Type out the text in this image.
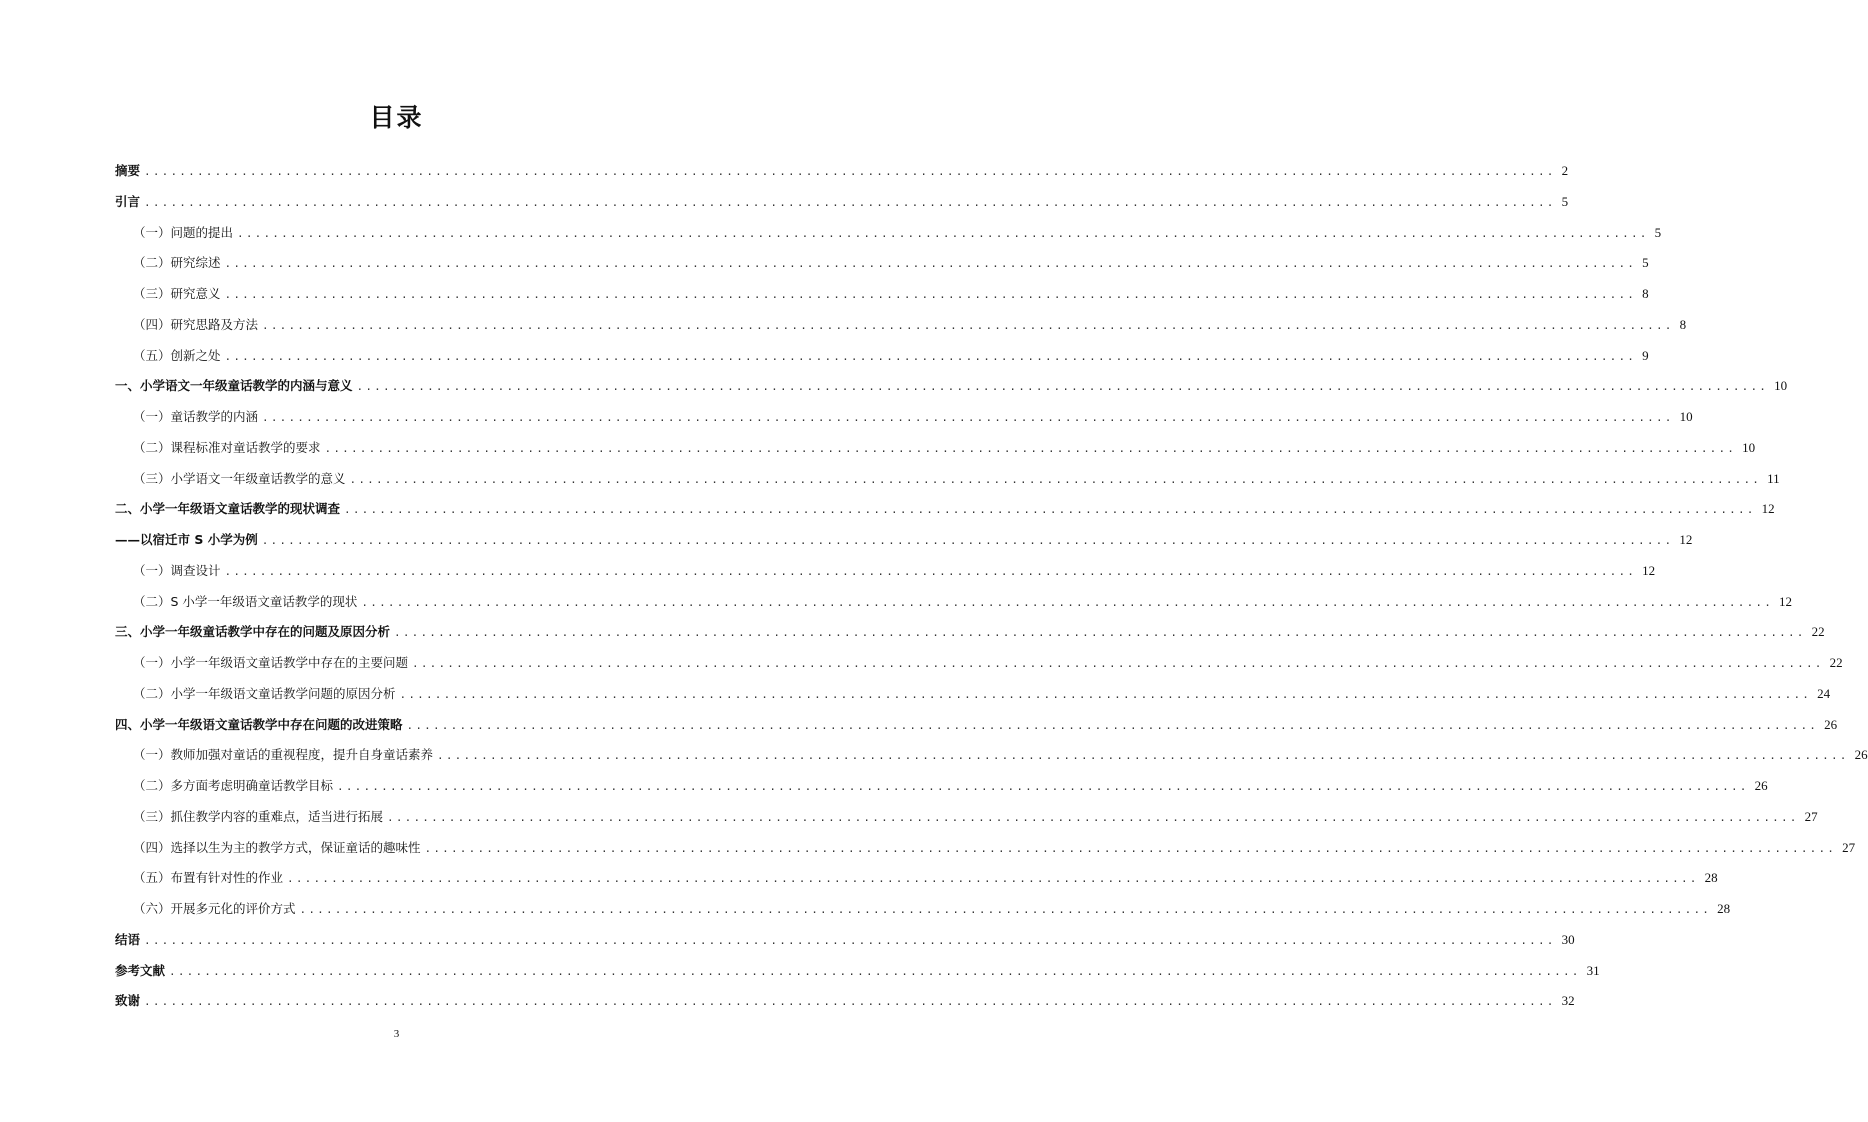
目录
摘要 ................................................................................................................................................................ 2
引言 ................................................................................................................................................................ 5
（一）问题的提出 ................................................................................................................................................................ 5
（二）研究综述 ................................................................................................................................................................ 5
（三）研究意义 ................................................................................................................................................................ 8
（四）研究思路及方法 ................................................................................................................................................................ 8
（五）创新之处 ................................................................................................................................................................ 9
一、小学语文一年级童话教学的内涵与意义 ................................................................................................................................................................ 10
（一）童话教学的内涵 ................................................................................................................................................................ 10
（二）课程标准对童话教学的要求 ................................................................................................................................................................ 10
（三）小学语文一年级童话教学的意义 ................................................................................................................................................................ 11
二、小学一年级语文童话教学的现状调查 ................................................................................................................................................................ 12
——以宿迁市 S 小学为例 ................................................................................................................................................................ 12
（一）调查设计 ................................................................................................................................................................ 12
（二）S 小学一年级语文童话教学的现状 ................................................................................................................................................................ 12
三、小学一年级童话教学中存在的问题及原因分析 ................................................................................................................................................................ 22
（一）小学一年级语文童话教学中存在的主要问题 ................................................................................................................................................................ 22
（二）小学一年级语文童话教学问题的原因分析 ................................................................................................................................................................ 24
四、小学一年级语文童话教学中存在问题的改进策略 ................................................................................................................................................................ 26
（一）教师加强对童话的重视程度，提升自身童话素养 ................................................................................................................................................................ 26
（二）多方面考虑明确童话教学目标 ................................................................................................................................................................ 26
（三）抓住教学内容的重难点，适当进行拓展 ................................................................................................................................................................ 27
（四）选择以生为主的教学方式，保证童话的趣味性 ................................................................................................................................................................ 27
（五）布置有针对性的作业 ................................................................................................................................................................ 28
（六）开展多元化的评价方式 ................................................................................................................................................................ 28
结语 ................................................................................................................................................................ 30
参考文献 ................................................................................................................................................................ 31
致谢 ................................................................................................................................................................ 32
3
